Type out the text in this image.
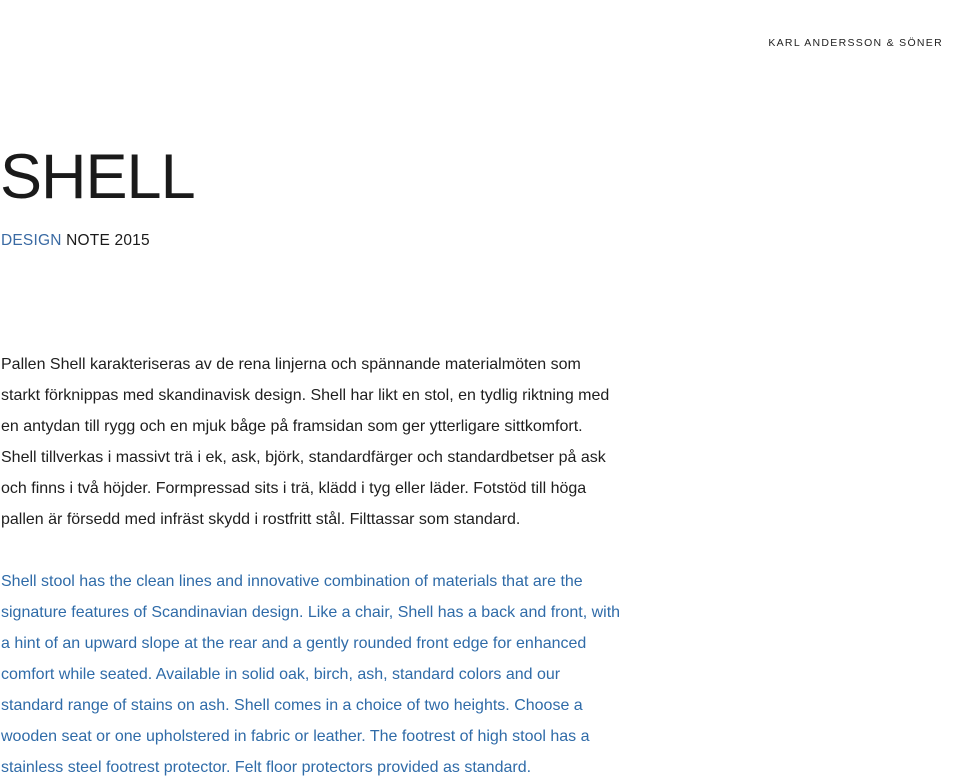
KARL ANDERSSON & SÖNER
SHELL
DESIGN NOTE 2015

Pallen Shell karakteriseras av de rena linjerna och spännande materialmöten som
starkt förknippas med skandinavisk design. Shell har likt en stol, en tydlig riktning med
en antydan till rygg och en mjuk båge på framsidan som ger ytterligare sittkomfort.
Shell tillverkas i massivt trä i ek, ask, björk, standardfärger och standardbetser på ask
och finns i två höjder. Formpressad sits i trä, klädd i tyg eller läder. Fotstöd till höga
pallen är försedd med infräst skydd i rostfritt stål. Filttassar som standard.

Shell stool has the clean lines and innovative combination of materials that are the
signature features of Scandinavian design. Like a chair, Shell has a back and front, with
a hint of an upward slope at the rear and a gently rounded front edge for enhanced
comfort while seated. Available in solid oak, birch, ash, standard colors and our
standard range of stains on ash. Shell comes in a choice of two heights. Choose a
wooden seat or one upholstered in fabric or leather. The footrest of high stool has a
stainless steel footrest protector. Felt floor protectors provided as standard.
